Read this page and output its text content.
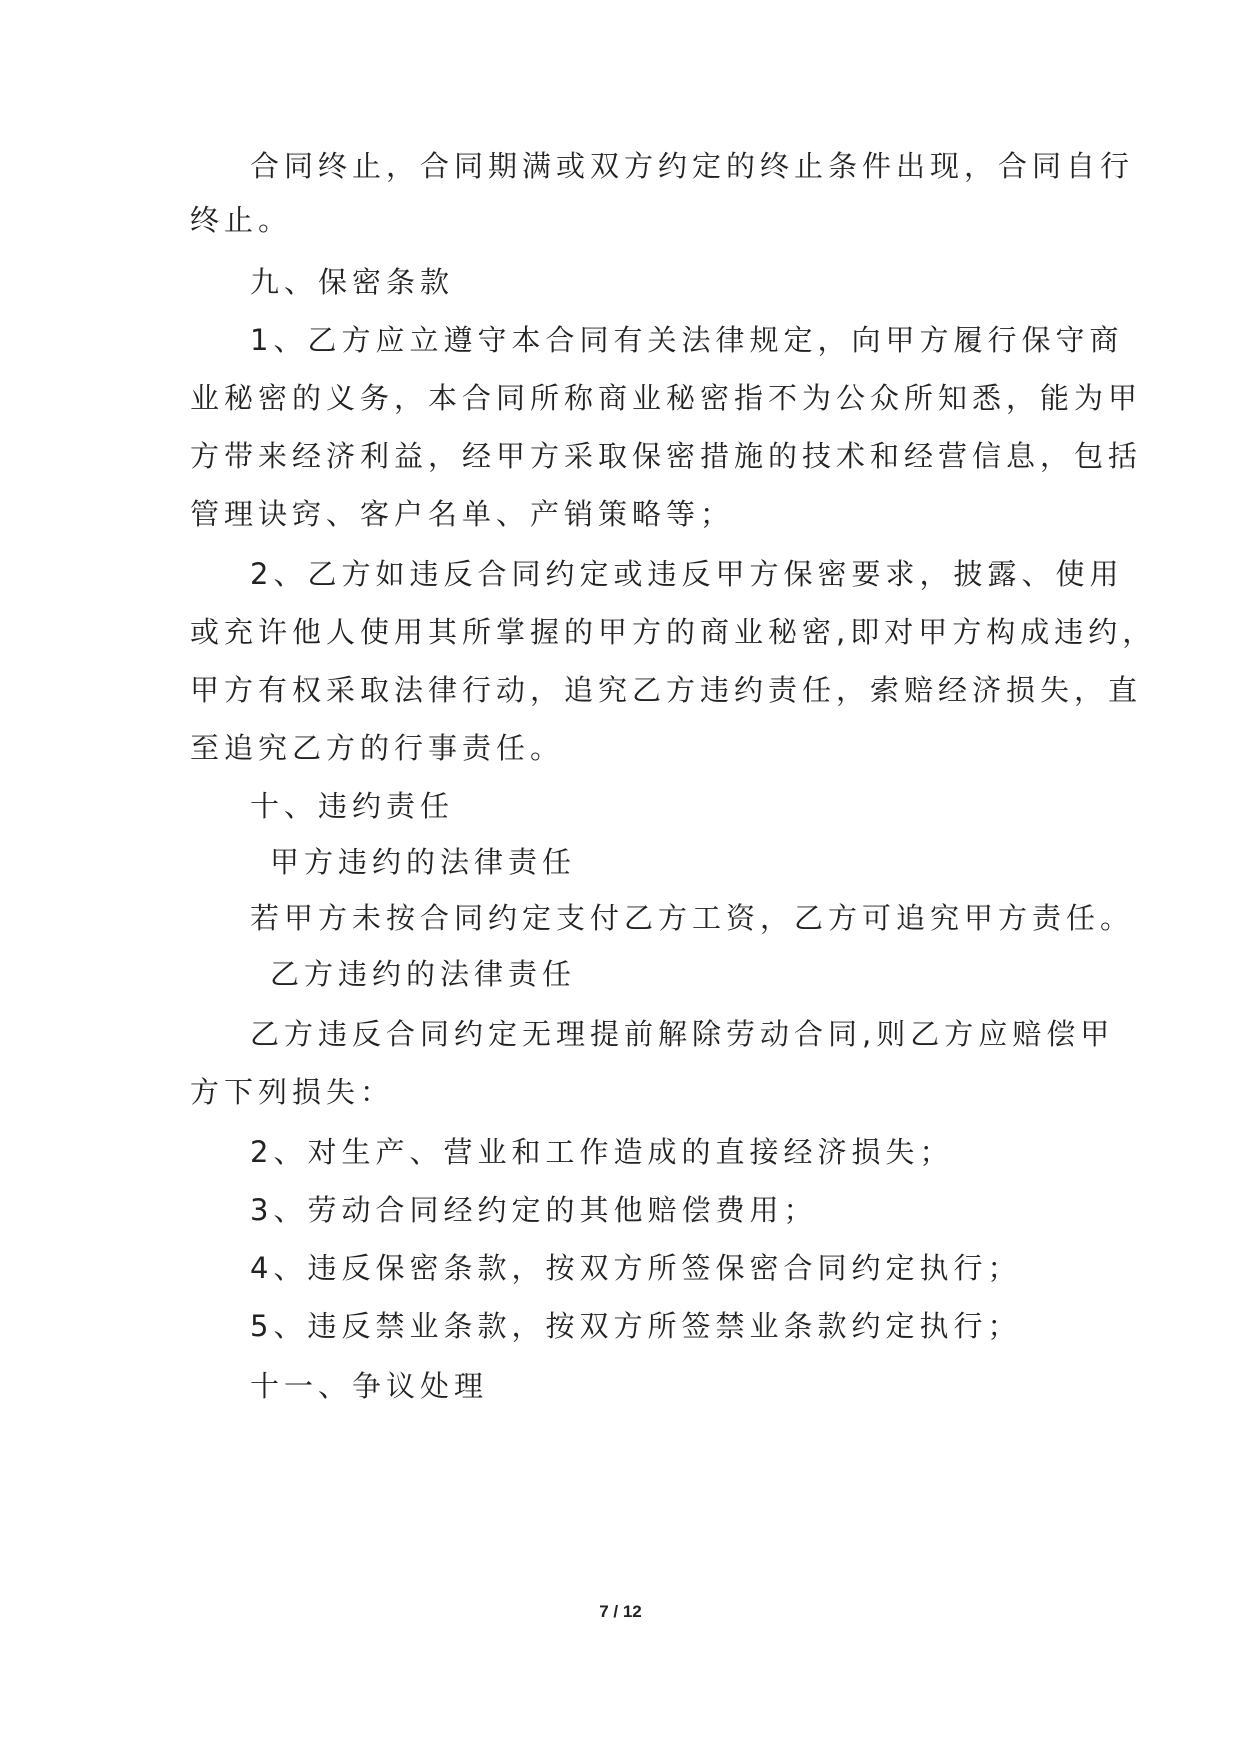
合同终止，合同期满或双方约定的终止条件出现，合同自行
终止。
九、保密条款
1、乙方应立遵守本合同有关法律规定，向甲方履行保守商
业秘密的义务，本合同所称商业秘密指不为公众所知悉，能为甲
方带来经济利益，经甲方采取保密措施的技术和经营信息，包括
管理诀窍、客户名单、产销策略等；
2、乙方如违反合同约定或违反甲方保密要求，披露、使用
或充许他人使用其所掌握的甲方的商业秘密,即对甲方构成违约，
甲方有权采取法律行动，追究乙方违约责任，索赔经济损失，直
至追究乙方的行事责任。
十、违约责任
甲方违约的法律责任
若甲方未按合同约定支付乙方工资，乙方可追究甲方责任。
乙方违约的法律责任
乙方违反合同约定无理提前解除劳动合同,则乙方应赔偿甲
方下列损失：
2、对生产、营业和工作造成的直接经济损失；
3、劳动合同经约定的其他赔偿费用；
4、违反保密条款，按双方所签保密合同约定执行；
5、违反禁业条款，按双方所签禁业条款约定执行；
十一、争议处理
7 / 12
